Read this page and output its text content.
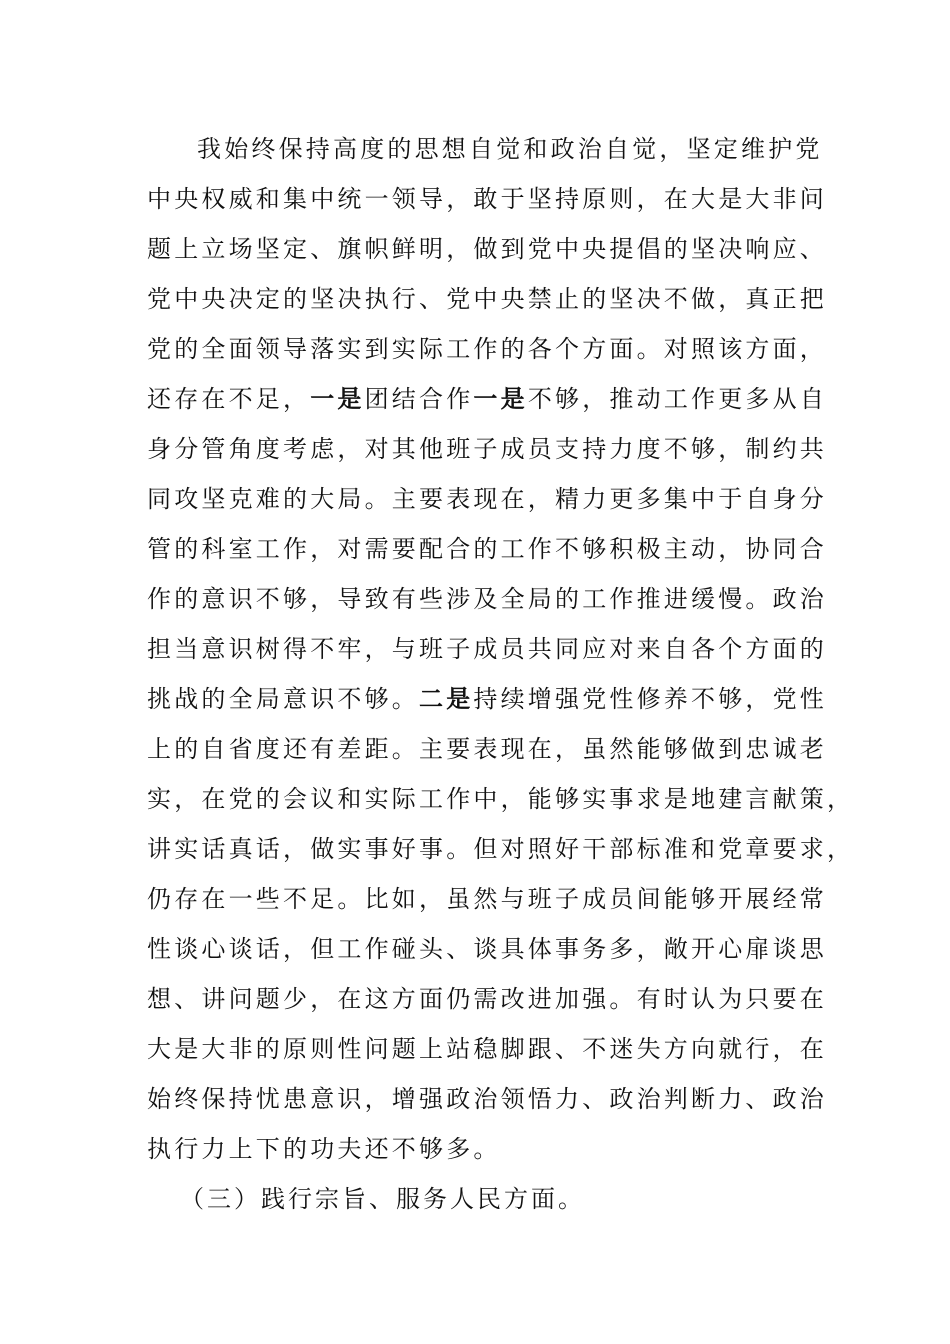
我始终保持高度的思想自觉和政治自觉，坚定维护党
中央权威和集中统一领导，敢于坚持原则，在大是大非问
题上立场坚定、旗帜鲜明，做到党中央提倡的坚决响应、
党中央决定的坚决执行、党中央禁止的坚决不做，真正把
党的全面领导落实到实际工作的各个方面。对照该方面，
还存在不足，一是团结合作一是不够，推动工作更多从自
身分管角度考虑，对其他班子成员支持力度不够，制约共
同攻坚克难的大局。主要表现在，精力更多集中于自身分
管的科室工作，对需要配合的工作不够积极主动，协同合
作的意识不够，导致有些涉及全局的工作推进缓慢。政治
担当意识树得不牢，与班子成员共同应对来自各个方面的
挑战的全局意识不够。二是持续增强党性修养不够，党性
上的自省度还有差距。主要表现在，虽然能够做到忠诚老
实，在党的会议和实际工作中，能够实事求是地建言献策，
讲实话真话，做实事好事。但对照好干部标准和党章要求，
仍存在一些不足。比如，虽然与班子成员间能够开展经常
性谈心谈话，但工作碰头、谈具体事务多，敞开心扉谈思
想、讲问题少，在这方面仍需改进加强。有时认为只要在
大是大非的原则性问题上站稳脚跟、不迷失方向就行，在
始终保持忧患意识，增强政治领悟力、政治判断力、政治
执行力上下的功夫还不够多。
（三）践行宗旨、服务人民方面。
